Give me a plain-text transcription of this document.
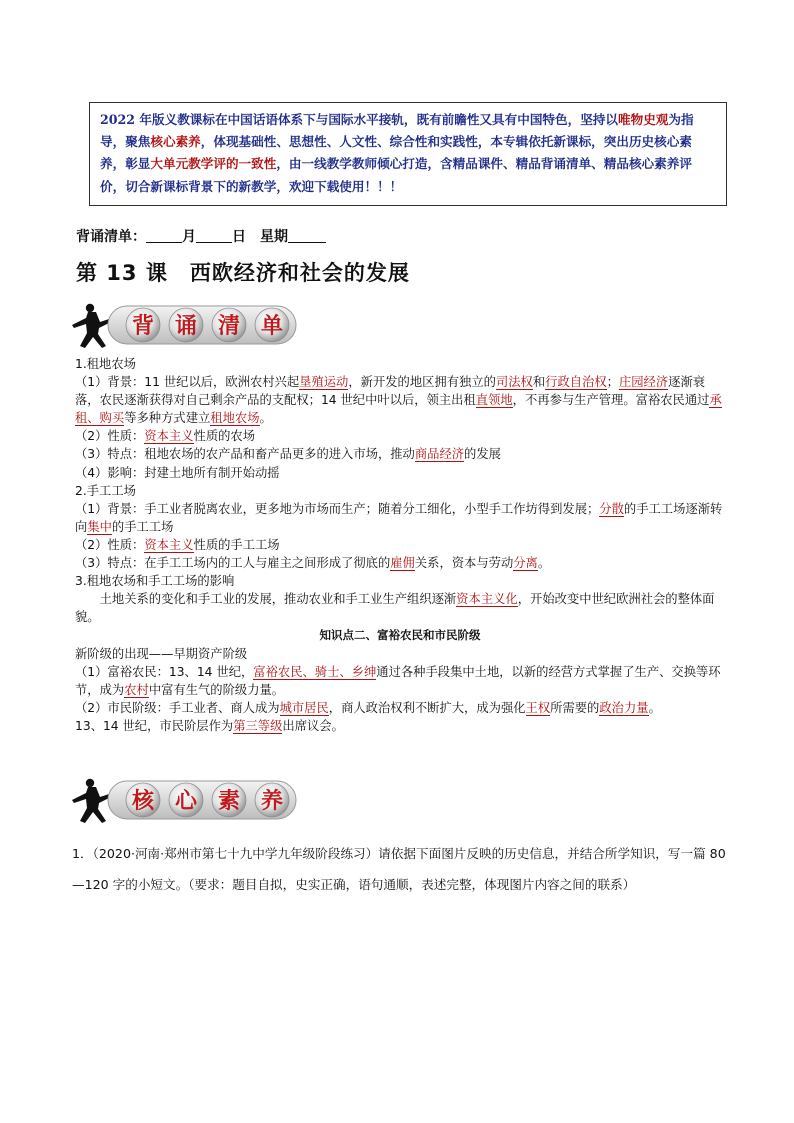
2022 年版义教课标在中国话语体系下与国际水平接轨，既有前瞻性又具有中国特色，坚持以唯物史观为指导，聚焦核心素养，体现基础性、思想性、人文性、综合性和实践性，本专辑依托新课标，突出历史核心素养，彰显大单元教学评的一致性，由一线教学教师倾心打造，含精品课件、精品背诵清单、精品核心素养评价，切合新课标背景下的新教学，欢迎下载使用！！！
背诵清单：	月	日　 星期
第 13 课　西欧经济和社会的发展
背 诵 清 单

1.租地农场

（1）背景：11 世纪以后，欧洲农村兴起垦殖运动，新开发的地区拥有独立的司法权和行政自治权；庄园经济逐渐衰落，农民逐渐获得对自己剩余产品的支配权；14 世纪中叶以后，领主出租直领地，不再参与生产管理。富裕农民通过承租、购买等多种方式建立租地农场。

（2）性质：资本主义性质的农场

（3）特点：租地农场的农产品和畜产品更多的进入市场，推动商品经济的发展

（4）影响：封建土地所有制开始动摇

2.手工工场

（1）背景：手工业者脱离农业，更多地为市场而生产；随着分工细化，小型手工作坊得到发展；分散的手工工场逐渐转向集中的手工工场

（2）性质：资本主义性质的手工工场

（3）特点：在手工工场内的工人与雇主之间形成了彻底的雇佣关系，资本与劳动分离。

3.租地农场和手工工场的影响

土地关系的变化和手工业的发展，推动农业和手工业生产组织逐渐资本主义化，开始改变中世纪欧洲社会的整体面貌。

知识点二、富裕农民和市民阶级

新阶级的出现——早期资产阶级

（1）富裕农民：13、14 世纪，富裕农民、骑士、乡绅通过各种手段集中土地，以新的经营方式掌握了生产、交换等环节，成为农村中富有生气的阶级力量。

（2）市民阶级：手工业者、商人成为城市居民，商人政治权利不断扩大，成为强化王权所需要的政治力量。

13、14 世纪，市民阶层作为第三等级出席议会。

核 心 素 养

1．（2020·河南·郑州市第七十九中学九年级阶段练习）请依据下面图片反映的历史信息，并结合所学知识，写一篇 80—120 字的小短文。（要求：题目自拟，史实正确，语句通顺，表述完整，体现图片内容之间的联系）
